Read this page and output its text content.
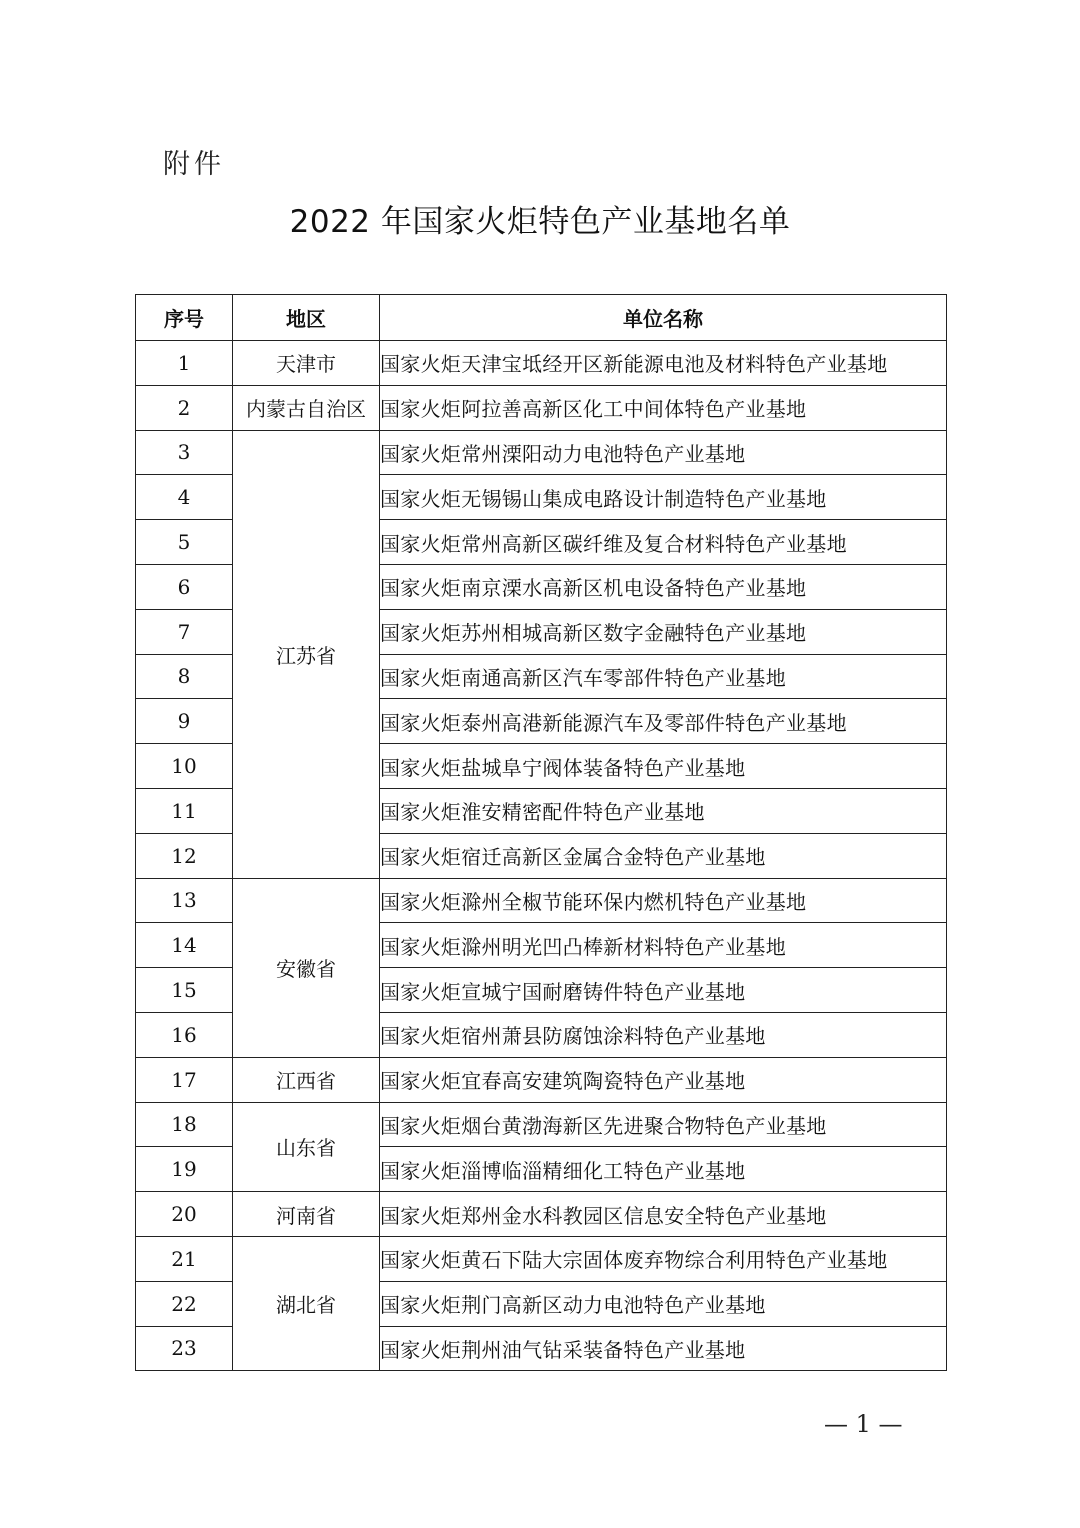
附件
2022 年国家火炬特色产业基地名单
序号	地区	单位名称
1	天津市	国家火炬天津宝坻经开区新能源电池及材料特色产业基地
2	内蒙古自治区	国家火炬阿拉善高新区化工中间体特色产业基地
3	江苏省	国家火炬常州溧阳动力电池特色产业基地
4		国家火炬无锡锡山集成电路设计制造特色产业基地
5		国家火炬常州高新区碳纤维及复合材料特色产业基地
6		国家火炬南京溧水高新区机电设备特色产业基地
7		国家火炬苏州相城高新区数字金融特色产业基地
8		国家火炬南通高新区汽车零部件特色产业基地
9		国家火炬泰州高港新能源汽车及零部件特色产业基地
10		国家火炬盐城阜宁阀体装备特色产业基地
11		国家火炬淮安精密配件特色产业基地
12		国家火炬宿迁高新区金属合金特色产业基地
13	安徽省	国家火炬滁州全椒节能环保内燃机特色产业基地
14		国家火炬滁州明光凹凸棒新材料特色产业基地
15		国家火炬宣城宁国耐磨铸件特色产业基地
16		国家火炬宿州萧县防腐蚀涂料特色产业基地
17	江西省	国家火炬宜春高安建筑陶瓷特色产业基地
18	山东省	国家火炬烟台黄渤海新区先进聚合物特色产业基地
19		国家火炬淄博临淄精细化工特色产业基地
20	河南省	国家火炬郑州金水科教园区信息安全特色产业基地
21	湖北省	国家火炬黄石下陆大宗固体废弃物综合利用特色产业基地
22		国家火炬荆门高新区动力电池特色产业基地
23		国家火炬荆州油气钻采装备特色产业基地
— 1 —
